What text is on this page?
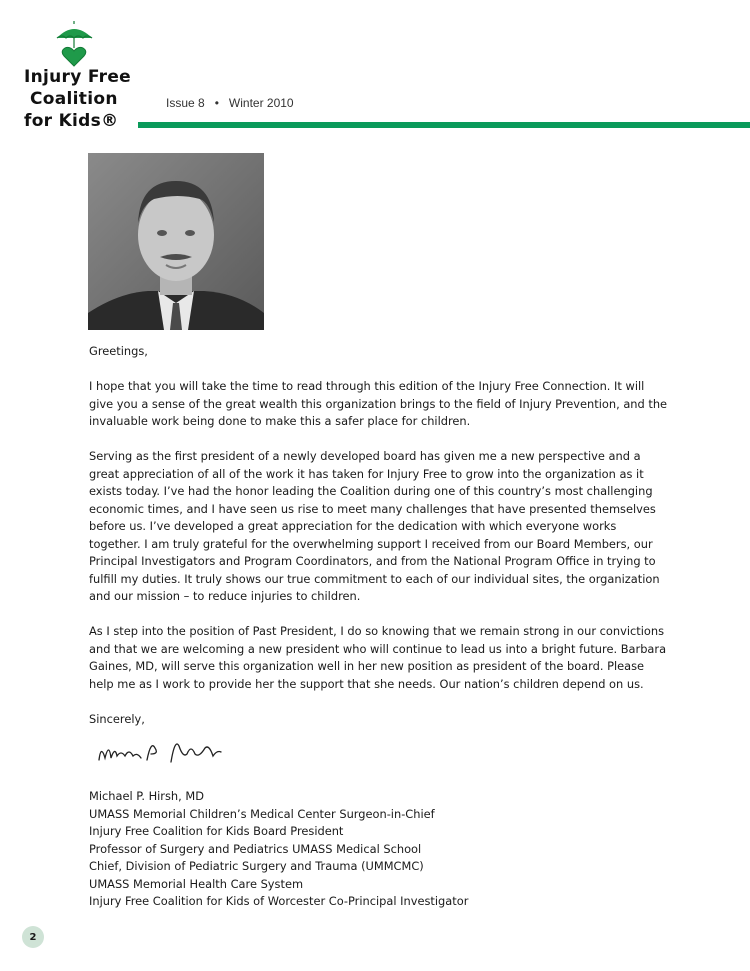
Injury Free
Coalition
for Kids®
Issue 8 • Winter 2010

Greetings,

I hope that you will take the time to read through this edition of the Injury Free Connection. It will give you a sense of the great wealth this organization brings to the field of Injury Prevention, and the invaluable work being done to make this a safer place for children.

Serving as the first president of a newly developed board has given me a new perspective and a great appreciation of all of the work it has taken for Injury Free to grow into the organization as it exists today. I’ve had the honor leading the Coalition during one of this country’s most challenging economic times, and I have seen us rise to meet many challenges that have presented themselves before us. I’ve developed a great appreciation for the dedication with which everyone works together. I am truly grateful for the overwhelming support I received from our Board Members, our Principal Investigators and Program Coordinators, and from the National Program Office in trying to fulfill my duties. It truly shows our true commitment to each of our individual sites, the organization and our mission – to reduce injuries to children.

As I step into the position of Past President, I do so knowing that we remain strong in our convictions and that we are welcoming a new president who will continue to lead us into a bright future. Barbara Gaines, MD, will serve this organization well in her new position as president of the board. Please help me as I work to provide her the support that she needs. Our nation’s children depend on us.

Sincerely,

Michael P. Hirsh, MD
UMASS Memorial Children’s Medical Center Surgeon-in-Chief
Injury Free Coalition for Kids Board President
Professor of Surgery and Pediatrics UMASS Medical School
Chief, Division of Pediatric Surgery and Trauma (UMMCMC)
UMASS Memorial Health Care System
Injury Free Coalition for Kids of Worcester Co-Principal Investigator
2
